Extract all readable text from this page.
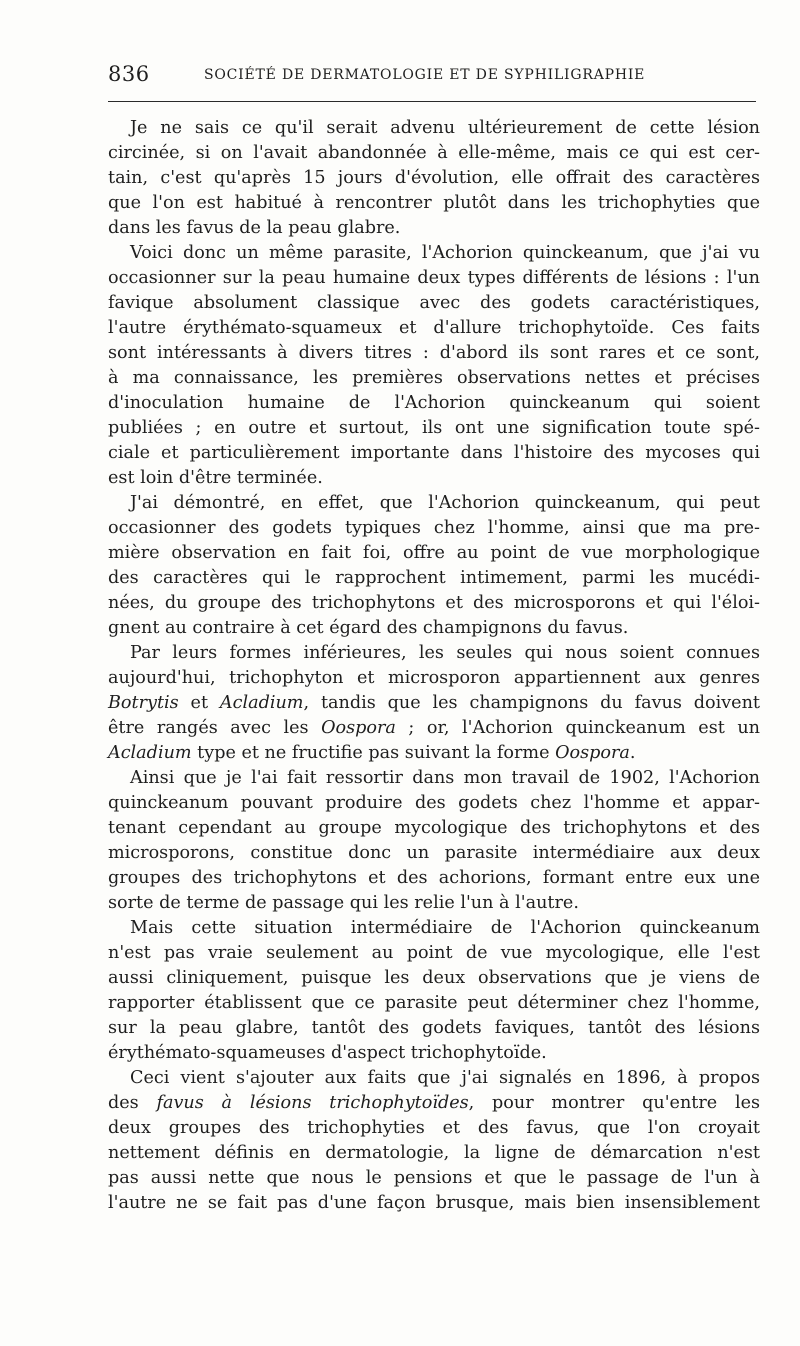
836	SOCIÉTÉ DE DERMATOLOGIE ET DE SYPHILIGRAPHIE
Je ne sais ce qu'il serait advenu ultérieurement de cette lésion
circinée, si on l'avait abandonnée à elle-même, mais ce qui est cer-
tain, c'est qu'après 15 jours d'évolution, elle offrait des caractères
que l'on est habitué à rencontrer plutôt dans les trichophyties que
dans les favus de la peau glabre.
Voici donc un même parasite, l'Achorion quinckeanum, que j'ai vu
occasionner sur la peau humaine deux types différents de lésions : l'un
favique absolument classique avec des godets caractéristiques,
l'autre érythémato-squameux et d'allure trichophytoïde. Ces faits
sont intéressants à divers titres : d'abord ils sont rares et ce sont,
à ma connaissance, les premières observations nettes et précises
d'inoculation humaine de l'Achorion quinckeanum qui soient
publiées ; en outre et surtout, ils ont une signification toute spé-
ciale et particulièrement importante dans l'histoire des mycoses qui
est loin d'être terminée.
J'ai démontré, en effet, que l'Achorion quinckeanum, qui peut
occasionner des godets typiques chez l'homme, ainsi que ma pre-
mière observation en fait foi, offre au point de vue morphologique
des caractères qui le rapprochent intimement, parmi les mucédi-
nées, du groupe des trichophytons et des microsporons et qui l'éloi-
gnent au contraire à cet égard des champignons du favus.
Par leurs formes inférieures, les seules qui nous soient connues
aujourd'hui, trichophyton et microsporon appartiennent aux genres
Botrytis et Acladium, tandis que les champignons du favus doivent
être rangés avec les Oospora ; or, l'Achorion quinckeanum est un
Acladium type et ne fructifie pas suivant la forme Oospora.
Ainsi que je l'ai fait ressortir dans mon travail de 1902, l'Achorion
quinckeanum pouvant produire des godets chez l'homme et appar-
tenant cependant au groupe mycologique des trichophytons et des
microsporons, constitue donc un parasite intermédiaire aux deux
groupes des trichophytons et des achorions, formant entre eux une
sorte de terme de passage qui les relie l'un à l'autre.
Mais cette situation intermédiaire de l'Achorion quinckeanum
n'est pas vraie seulement au point de vue mycologique, elle l'est
aussi cliniquement, puisque les deux observations que je viens de
rapporter établissent que ce parasite peut déterminer chez l'homme,
sur la peau glabre, tantôt des godets faviques, tantôt des lésions
érythémato-squameuses d'aspect trichophytoïde.
Ceci vient s'ajouter aux faits que j'ai signalés en 1896, à propos
des favus à lésions trichophytoïdes, pour montrer qu'entre les
deux groupes des trichophyties et des favus, que l'on croyait
nettement définis en dermatologie, la ligne de démarcation n'est
pas aussi nette que nous le pensions et que le passage de l'un à
l'autre ne se fait pas d'une façon brusque, mais bien insensiblement
